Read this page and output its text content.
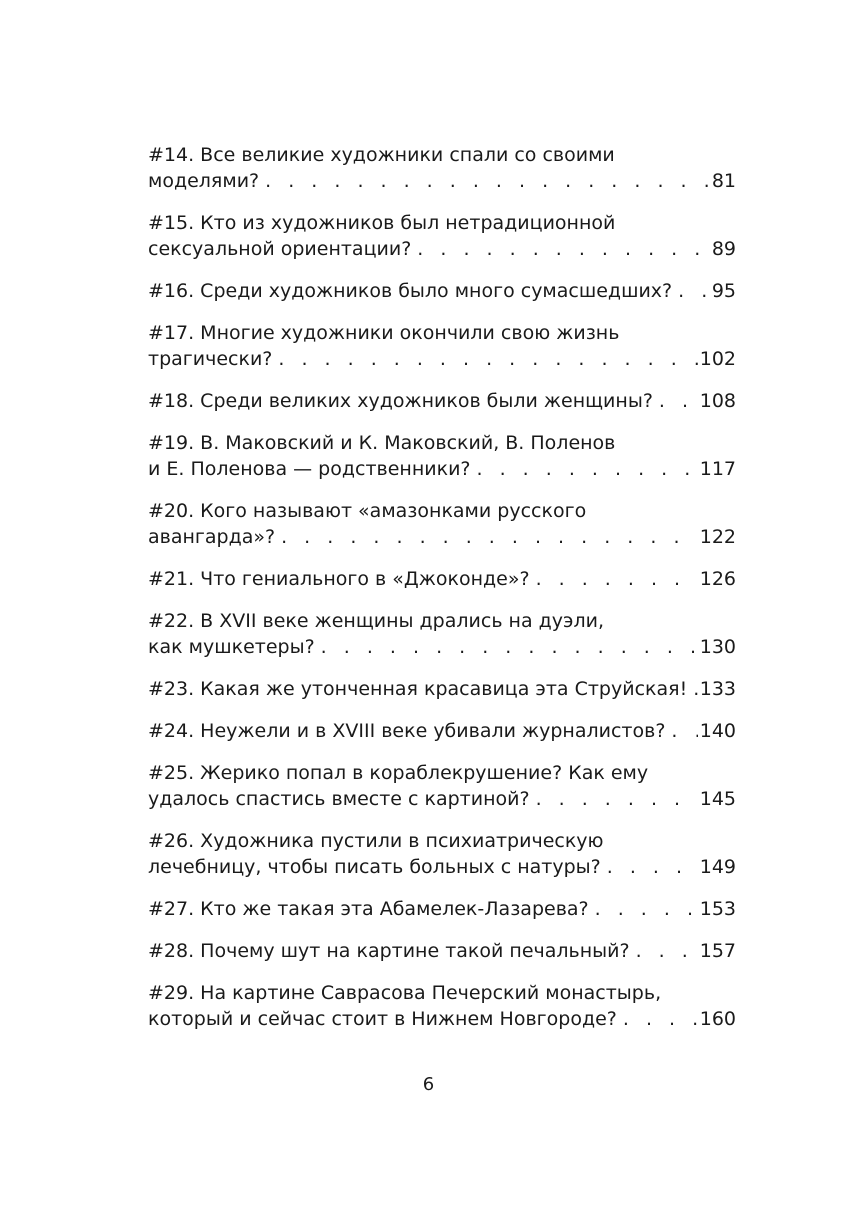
#14. Все великие художники спали со своими
моделями? . . .	81
#15. Кто из художников был нетрадиционной
сексуальной ориентации? . . .	89
#16. Среди художников было много сумасшедших? . . . 95
#17. Многие художники окончили свою жизнь
трагически? . . .	102
#18. Среди великих художников были женщины? . . . 108
#19. В. Маковский и К. Маковский, В. Поленов
и Е. Поленова — родственники? . . .	117
#20. Кого называют «амазонками русского
авангарда»? . . .	122
#21. Что гениального в «Джоконде»? . . .	126
#22. В XVII веке женщины дрались на дуэли,
как мушкетеры? . . .	130
#23. Какая же утонченная красавица эта Струйская! . . . 133
#24. Неужели и в XVIII веке убивали журналистов? . . . 140
#25. Жерико попал в кораблекрушение? Как ему
удалось спастись вместе с картиной? . . .	145
#26. Художника пустили в психиатрическую
лечебницу, чтобы писать больных с натуры? . . .	149
#27. Кто же такая эта Абамелек-Лазарева? . . .	153
#28. Почему шут на картине такой печальный? . . .	157
#29. На картине Саврасова Печерский монастырь,
который и сейчас стоит в Нижнем Новгороде? . . .	160
6
